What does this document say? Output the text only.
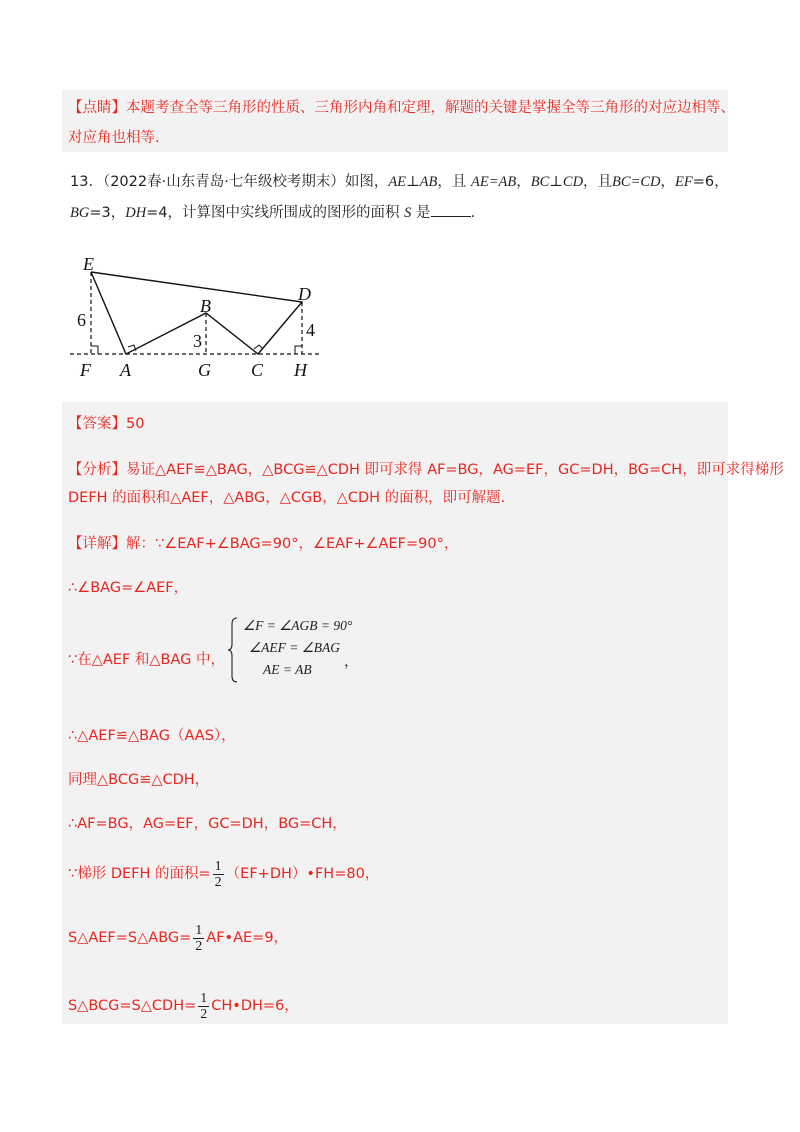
【点睛】本题考查全等三角形的性质、三角形内角和定理，解题的关键是掌握全等三角形的对应边相等、
对应角也相等.
13．（2022春·山东青岛·七年级校考期末）如图，AE⊥AB，且 AE=AB，BC⊥CD，且BC=CD，EF=6，
BG=3，DH=4，计算图中实线所围成的图形的面积 S 是	.
E
B
D
F A	G C H
6
3
4
【答案】50
【分析】易证△AEF≌△BAG，△BCG≌△CDH 即可求得 AF=BG，AG=EF，GC=DH，BG=CH，即可求得梯形
DEFH 的面积和△AEF，△ABG，△CGB，△CDH 的面积，即可解题.
【详解】解：∵∠EAF+∠BAG=90°，∠EAF+∠AEF=90°，
∴∠BAG=∠AEF，
∵在△AEF 和△BAG 中，
∠F = ∠AGB = 90°
∠AEF = ∠BAG
AE = AB ，
∴△AEF≌△BAG（AAS），
同理△BCG≌△CDH，
∴AF=BG，AG=EF，GC=DH，BG=CH，
∵梯形 DEFH 的面积= $\frac{1}{2}$ （EF+DH）•FH=80，
S△AEF=S△ABG= $\frac{1}{2}$ AF•AE=9，
S△BCG=S△CDH= $\frac{1}{2}$ CH•DH=6，
